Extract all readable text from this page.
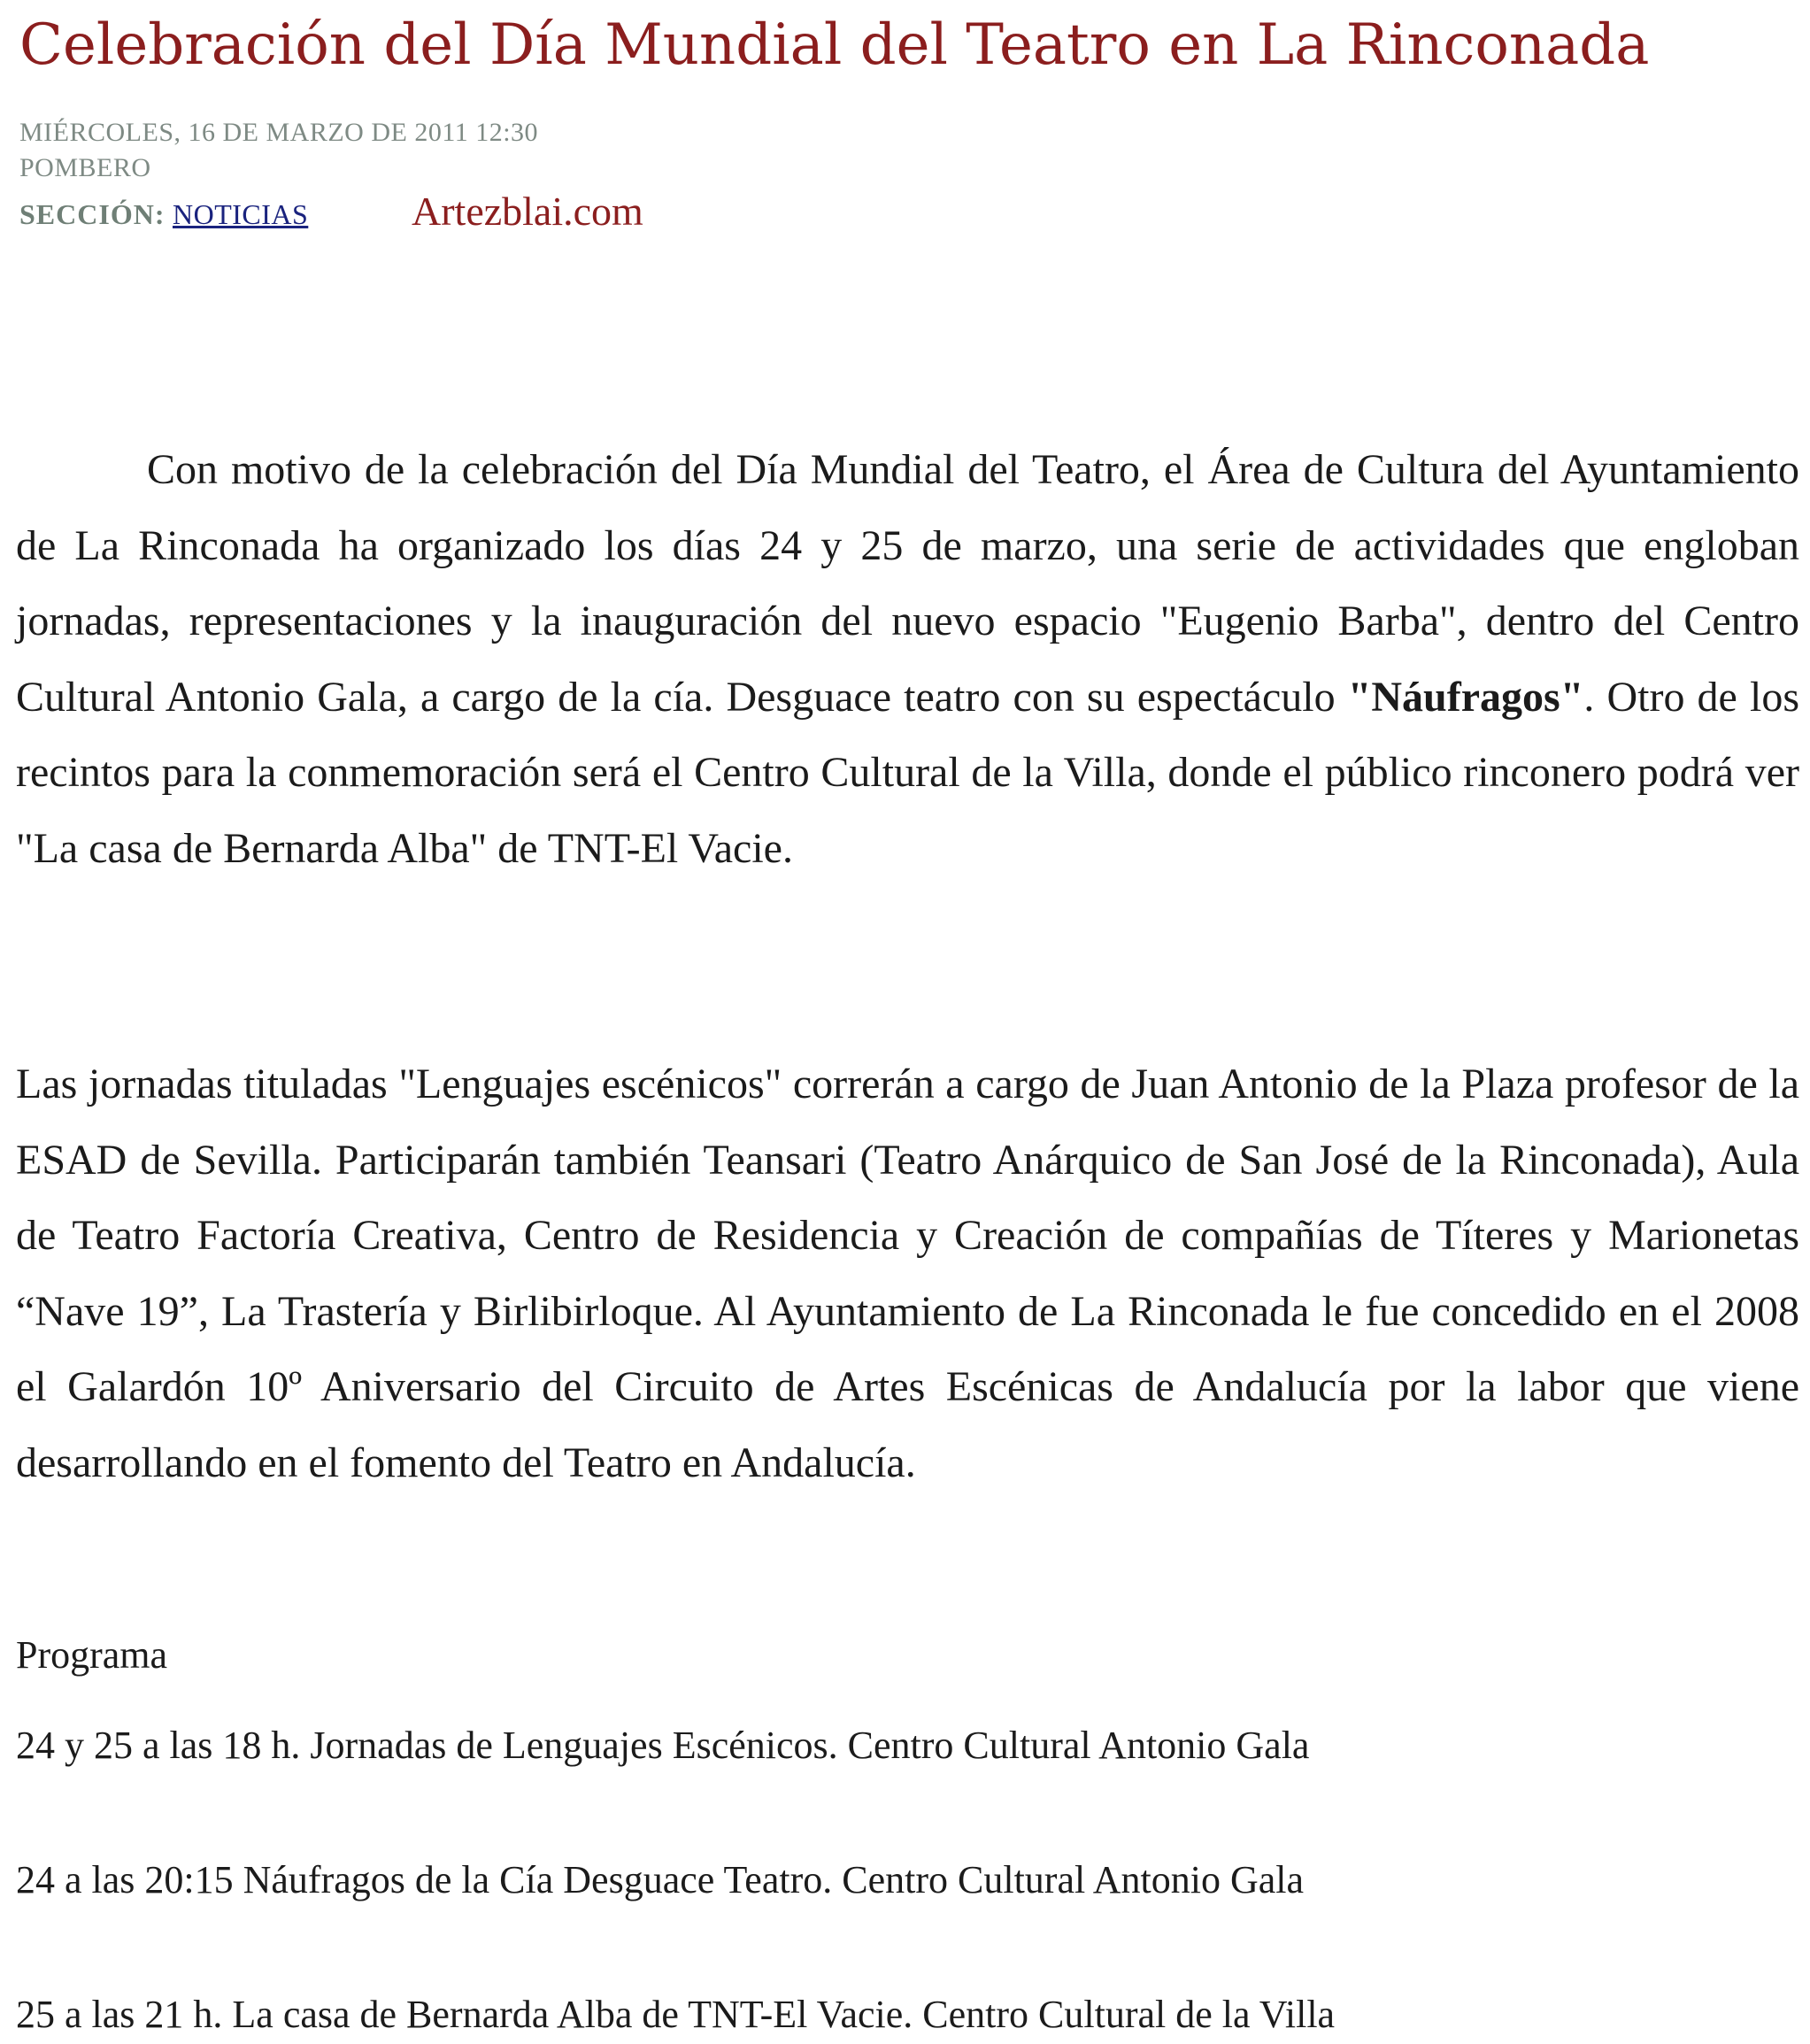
Celebración del Día Mundial del Teatro en La Rinconada
MIÉRCOLES, 16 DE MARZO DE 2011 12:30
POMBERO
SECCIÓN: NOTICIAS	Artezblai.com

Con motivo de la celebración del Día Mundial del Teatro, el Área de Cultura del Ayuntamiento de La Rinconada ha organizado los días 24 y 25 de marzo, una serie de actividades que engloban jornadas, representaciones y la inauguración del nuevo espacio "Eugenio Barba", dentro del Centro Cultural Antonio Gala, a cargo de la cía. Desguace teatro con su espectáculo "Náufragos". Otro de los recintos para la conmemoración será el Centro Cultural de la Villa, donde el público rinconero podrá ver "La casa de Bernarda Alba" de TNT-El Vacie.

Las jornadas tituladas "Lenguajes escénicos" correrán a cargo de Juan Antonio de la Plaza profesor de la ESAD de Sevilla. Participarán también Teansari (Teatro Anárquico de San José de la Rinconada), Aula de Teatro Factoría Creativa, Centro de Residencia y Creación de compañías de Títeres y Marionetas “Nave 19”, La Trastería y Birlibirloque. Al Ayuntamiento de La Rinconada le fue concedido en el 2008 el Galardón 10º Aniversario del Circuito de Artes Escénicas de Andalucía por la labor que viene desarrollando en el fomento del Teatro en Andalucía.

Programa

24 y 25 a las 18 h. Jornadas de Lenguajes Escénicos. Centro Cultural Antonio Gala

24 a las 20:15 Náufragos de la Cía Desguace Teatro. Centro Cultural Antonio Gala

25 a las 21 h. La casa de Bernarda Alba de TNT-El Vacie. Centro Cultural de la Villa
